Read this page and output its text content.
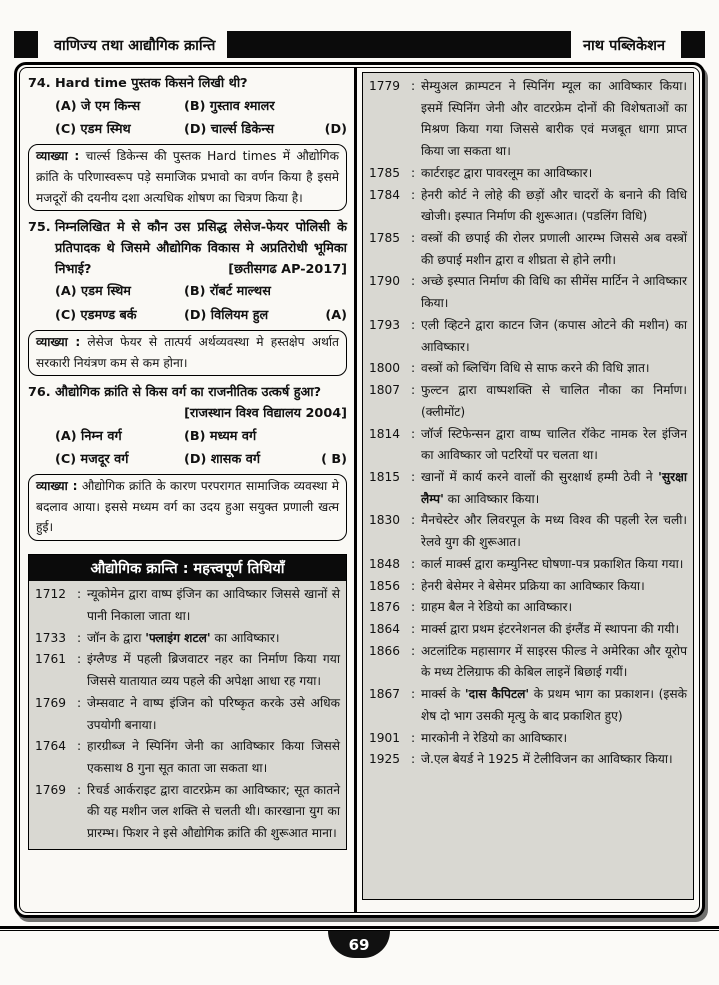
वाणिज्य तथा आद्यौगिक क्रान्ति	नाथ पब्लिकेशन
74. Hard time पुस्तक किसने लिखी थी?
(A) जे एम किन्स	(B) गुस्ताव श्मालर
(C) एडम स्मिथ	(D) चार्ल्स डिकेन्स	(D)
व्याख्या : चार्ल्स डिकेन्स की पुस्तक Hard times में औद्योगिक क्रांति के परिणास्वरूप पड़े समाजिक प्रभावो का वर्णन किया है इसमे मजदूरों की दयनीय दशा अत्यधिक शोषण का चित्रण किया है।
75. निम्नलिखित मे से कौन उस प्रसिद्ध लेसेज-फेयर पोलिसी के प्रतिपादक थे जिसमे औद्योगिक विकास मे अप्रतिरोधी भूमिका निभाई?	[छतीसगढ AP-2017]
(A) एडम स्थिम	(B) रॉबर्ट माल्थस
(C) एडमण्ड बर्क	(D) विलियम हुल	(A)
व्याख्या : लेसेज फेयर से तात्पर्य अर्थव्यवस्था मे हस्तक्षेप अर्थात सरकारी नियंत्रण कम से कम होना।
76. औद्योगिक क्रांति से किस वर्ग का राजनीतिक उत्कर्ष हुआ?
[राजस्थान विश्व विद्यालय 2004]
(A) निम्न वर्ग	(B) मध्यम वर्ग
(C) मजदूर वर्ग	(D) शासक वर्ग	( B)
व्याख्या : औद्योगिक क्रांति के कारण परपरागत सामाजिक व्यवस्था मे बदलाव आया। इससे मध्यम वर्ग का उदय हुआ सयुक्त प्रणाली खत्म हुई।
औद्योगिक क्रान्ति : महत्त्वपूर्ण तिथियाँ
1712 : न्यूकोमेन द्वारा वाष्प इंजिन का आविष्कार जिससे खानों से पानी निकाला जाता था।
1733 : जॉन के द्वारा 'फ्लाइंग शटल' का आविष्कार।
1761 : इंग्लैण्ड में पहली ब्रिजवाटर नहर का निर्माण किया गया जिससे यातायात व्यय पहले की अपेक्षा आधा रह गया।
1769 : जेम्सवाट ने वाष्प इंजिन को परिष्कृत करके उसे अधिक उपयोगी बनाया।
1764 : हारग्रीब्ज ने स्पिनिंग जेनी का आविष्कार किया जिससे एकसाथ 8 गुना सूत काता जा सकता था।
1769 : रिचर्ड आर्कराइट द्वारा वाटरफ्रेम का आविष्कार; सूत कातने की यह मशीन जल शक्ति से चलती थी। कारखाना युग का प्रारम्भ। फिशर ने इसे औद्योगिक क्रांति की शुरूआत माना।
1779 : सेम्युअल क्राम्पटन ने स्पिनिंग म्यूल का आविष्कार किया। इसमें स्पिनिंग जेनी और वाटरफ्रेम दोनों की विशेषताओं का मिश्रण किया गया जिससे बारीक एवं मजबूत धागा प्राप्त किया जा सकता था।
1785 : कार्टराइट द्वारा पावरलूम का आविष्कार।
1784 : हेनरी कोर्ट ने लोहे की छड़ों और चादरों के बनाने की विधि खोजी। इस्पात निर्माण की शुरूआत। (पडलिंग विधि)
1785 : वस्त्रों की छपाई की रोलर प्रणाली आरम्भ जिससे अब वस्त्रों की छपाई मशीन द्वारा व शीघ्रता से होने लगी।
1790 : अच्छे इस्पात निर्माण की विधि का सीमेंस मार्टिन ने आविष्कार किया।
1793 : एली व्हिटने द्वारा काटन जिन (कपास ओटने की मशीन) का आविष्कार।
1800 : वस्त्रों को ब्लिचिंग विधि से साफ करने की विधि ज्ञात।
1807 : फुल्टन द्वारा वाष्पशक्ति से चालित नौका का निर्माण। (क्लीमोंट)
1814 : जॉर्ज स्टिफेन्सन द्वारा वाष्प चालित रॉकेट नामक रेल इंजिन का आविष्कार जो पटरियों पर चलता था।
1815 : खानों में कार्य करने वालों की सुरक्षार्थ हम्मी ठेवी ने 'सुरक्षा लैम्प' का आविष्कार किया।
1830 : मैनचेस्टेर और लिवरपूल के मध्य विश्व की पहली रेल चली। रेलवे युग की शुरूआत।
1848 : कार्ल मार्क्स द्वारा कम्युनिस्ट घोषणा-पत्र प्रकाशित किया गया।
1856 : हेनरी बेसेमर ने बेसेमर प्रक्रिया का आविष्कार किया।
1876 : ग्राहम बैल ने रेडियो का आविष्कार।
1864 : मार्क्स द्वारा प्रथम इंटरनेशनल की इंग्लैंड में स्थापना की गयी।
1866 : अटलांटिक महासागर में साइरस फील्ड ने अमेरिका और यूरोप के मध्य टेलिग्राफ की केबिल लाइनें बिछाई गयीं।
1867 : मार्क्स के 'दास कैपिटल' के प्रथम भाग का प्रकाशन। (इसके शेष दो भाग उसकी मृत्यु के बाद प्रकाशित हुए)
1901 : मारकोनी ने रेडियो का आविष्कार।
1925 : जे.एल बेयर्ड ने 1925 में टेलीविजन का आविष्कार किया।
69
